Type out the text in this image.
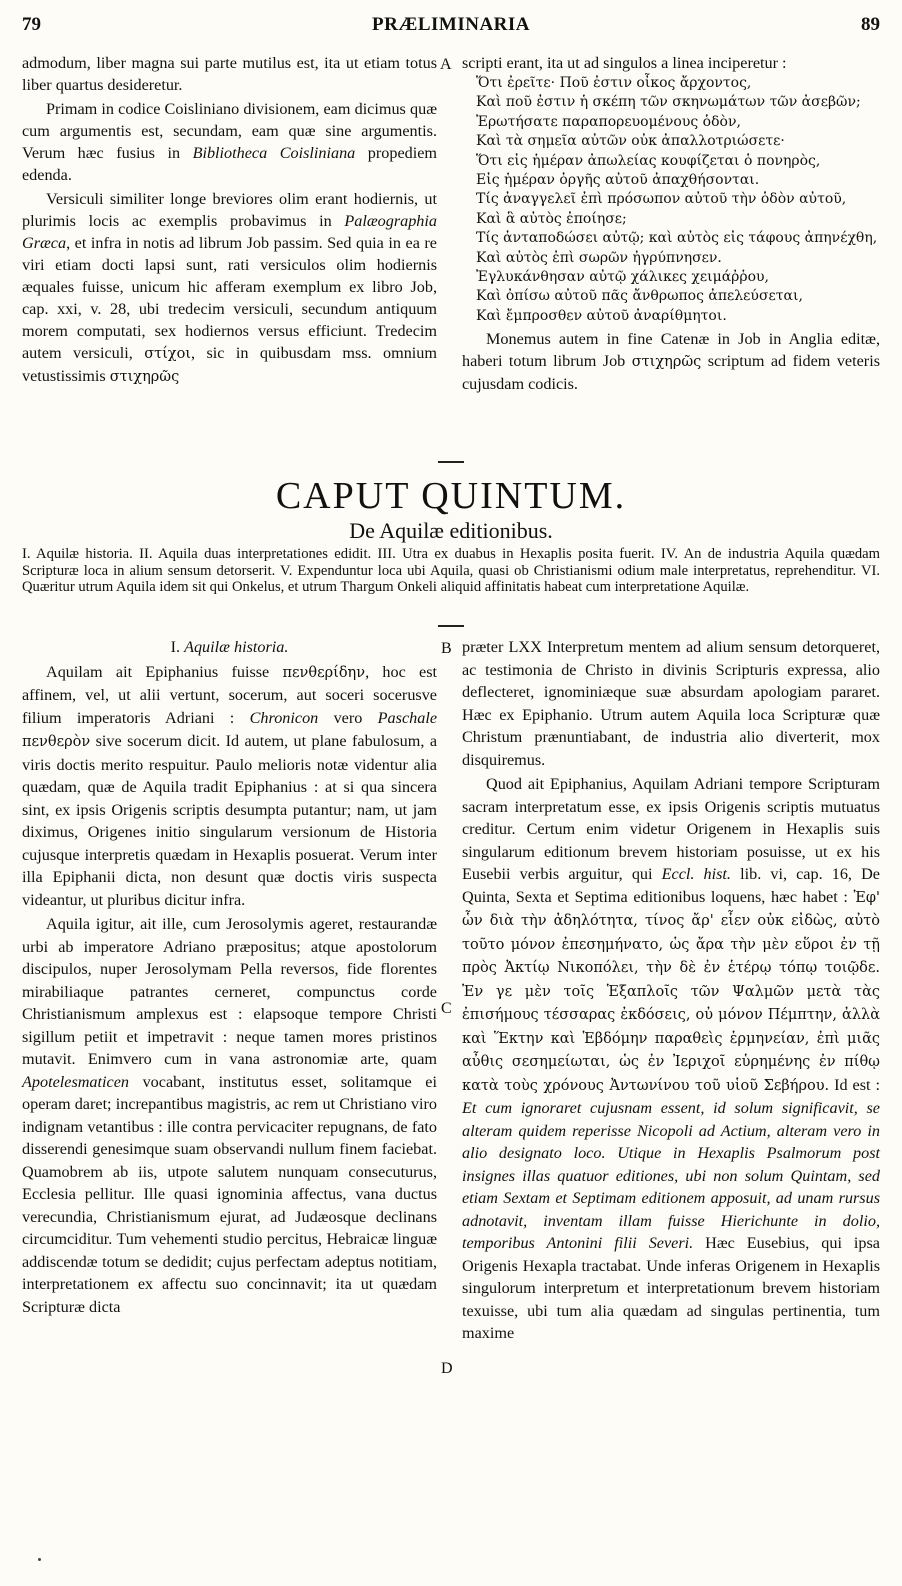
79	PRÆLIMINARIA	89

admodum, liber magna sui parte mutilus est, ita ut etiam totus liber quartus desideretur.

Primam in codice Coisliniano divisionem, eam dicimus quæ cum argumentis est, secundam, eam quæ sine argumentis. Verum hæc fusius in Bibliotheca Coisliniana propediem edenda.

Versiculi similiter longe breviores olim erant hodiernis, ut plurimis locis ac exemplis probavimus in Palæographia Græca, et infra in notis ad librum Job passim. Sed quia in ea re viri etiam docti lapsi sunt, rati versiculos olim hodiernis æquales fuisse, unicum hic afferam exemplum ex libro Job, cap. xxi, v. 28, ubi tredecim versiculi, secundum antiquum morem computati, sex hodiernos versus efficiunt. Tredecim autem versiculi, στίχοι, sic in quibusdam mss. omnium vetustissimis στιχηρῶς

A scripti erant, ita ut ad singulos a linea inciperetur :

Ὅτι ἐρεῖτε· Ποῦ ἐστιν οἶκος ἄρχοντος,
Καὶ ποῦ ἐστιν ἡ σκέπη τῶν σκηνωμάτων τῶν ἀσεβῶν;
Ἐρωτήσατε παραπορευομένους ὁδὸν,
Καὶ τὰ σημεῖα αὐτῶν οὐκ ἀπαλλοτριώσετε·
Ὅτι εἰς ἡμέραν ἀπωλείας κουφίζεται ὁ πονηρὸς,
Εἰς ἡμέραν ὀργῆς αὐτοῦ ἀπαχθήσονται.
Τίς ἀναγγελεῖ ἐπὶ πρόσωπον αὐτοῦ τὴν ὁδὸν αὐτοῦ,
Καὶ ἃ αὐτὸς ἐποίησε;
Τίς ἀνταποδώσει αὐτῷ; καὶ αὐτὸς εἰς τάφους ἀπηνέχθη,
Καὶ αὐτὸς ἐπὶ σωρῶν ἠγρύπνησεν.
Ἐγλυκάνθησαν αὐτῷ χάλικες χειμάῤῥου,
Καὶ ὀπίσω αὐτοῦ πᾶς ἄνθρωπος ἀπελεύσεται,
Καὶ ἔμπροσθεν αὐτοῦ ἀναρίθμητοι.

Monemus autem in fine Catenæ in Job in Anglia editæ, haberi totum librum Job στιχηρῶς scriptum ad fidem veteris cujusdam codicis.

CAPUT QUINTUM.
De Aquilæ editionibus.
I. Aquilæ historia. II. Aquila duas interpretationes edidit. III. Utra ex duabus in Hexaplis posita fuerit. IV. An de industria Aquila quædam Scripturæ loca in alium sensum detorserit. V. Expenduntur loca ubi Aquila, quasi ob Christianismi odium male interpretatus, reprehenditur. VI. Quæritur utrum Aquila idem sit qui Onkelus, et utrum Thargum Onkeli aliquid affinitatis habeat cum interpretatione Aquilæ.

I. Aquilæ historia.

Aquilam ait Epiphanius fuisse πενθερίδην, hoc est affinem, vel, ut alii vertunt, socerum, aut soceri socerusve filium imperatoris Adriani : Chronicon vero Paschale πενθερὸν sive socerum dicit. Id autem, ut plane fabulosum, a viris doctis merito respuitur. Paulo melioris notæ videntur alia quædam, quæ de Aquila tradit Epiphanius : at si qua sincera sint, ex ipsis Origenis scriptis desumpta putantur; nam, ut jam diximus, Origenes initio singularum versionum de Historia cujusque interpretis quædam in Hexaplis posuerat. Verum inter illa Epiphanii dicta, non desunt quæ doctis viris suspecta videantur, ut pluribus dicitur infra.

Aquila igitur, ait ille, cum Jerosolymis ageret, restaurandæ urbi ab imperatore Adriano præpositus; atque apostolorum discipulos, nuper Jerosolymam Pella reversos, fide florentes mirabiliaque patrantes cerneret, compunctus corde Christianismum amplexus est : elapsoque tempore Christi sigillum petiit et impetravit : neque tamen mores pristinos mutavit. Enimvero cum in vana astronomiæ arte, quam Apotelesmaticen vocabant, institutus esset, solitamque ei operam daret; increpantibus magistris, ac rem ut Christiano viro indignam vetantibus : ille contra pervicaciter repugnans, de fato disserendi genesimque suam observandi nullum finem faciebat. Quamobrem ab iis, utpote salutem nunquam consecuturus, Ecclesia pellitur. Ille quasi ignominia affectus, vana ductus verecundia, Christianismum ejurat, ad Judæosque declinans circumciditur. Tum vehementi studio percitus, Hebraicæ linguæ addiscendæ totum se dedidit; cujus perfectam adeptus notitiam, interpretationem ex affectu suo concinnavit; ita ut quædam Scripturæ dicta

B
C
D

præter LXX Interpretum mentem ad alium sensum detorqueret, ac testimonia de Christo in divinis Scripturis expressa, alio deflecteret, ignominiæque suæ absurdam apologiam pararet. Hæc ex Epiphanio. Utrum autem Aquila loca Scripturæ quæ Christum prænuntiabant, de industria alio diverterit, mox disquiremus.

Quod ait Epiphanius, Aquilam Adriani tempore Scripturam sacram interpretatum esse, ex ipsis Origenis scriptis mutuatus creditur. Certum enim videtur Origenem in Hexaplis suis singularum editionum brevem historiam posuisse, ut ex his Eusebii verbis arguitur, qui Eccl. hist. lib. vi, cap. 16, De Quinta, Sexta et Septima editionibus loquens, hæc habet : Ἐφ' ὧν διὰ τὴν ἀδηλότητα, τίνος ἄρ' εἶεν οὐκ εἰδὼς, αὐτὸ τοῦτο μόνον ἐπεσημήνατο, ὡς ἄρα τὴν μὲν εὕροι ἐν τῇ πρὸς Ἀκτίῳ Νικοπόλει, τὴν δὲ ἐν ἑτέρῳ τόπῳ τοιῷδε. Ἐν γε μὲν τοῖς Ἑξαπλοῖς τῶν Ψαλμῶν μετὰ τὰς ἐπισήμους τέσσαρας ἐκδόσεις, οὐ μόνον Πέμπτην, ἀλλὰ καὶ Ἕκτην καὶ Ἑβδόμην παραθεὶς ἑρμηνείαν, ἐπὶ μιᾶς αὖθις σεσημείωται, ὡς ἐν Ἰεριχοῖ εὑρημένης ἐν πίθῳ κατὰ τοὺς χρόνους Ἀντωνίνου τοῦ υἱοῦ Σεβήρου. Id est : Et cum ignoraret cujusnam essent, id solum significavit, se alteram quidem reperisse Nicopoli ad Actium, alteram vero in alio designato loco. Utique in Hexaplis Psalmorum post insignes illas quatuor editiones, ubi non solum Quintam, sed etiam Sextam et Septimam editionem apposuit, ad unam rursus adnotavit, inventam illam fuisse Hierichunte in dolio, temporibus Antonini filii Severi. Hæc Eusebius, qui ipsa Origenis Hexapla tractabat. Unde inferas Origenem in Hexaplis singulorum interpretum et interpretationum brevem historiam texuisse, ubi tum alia quædam ad singulas pertinentia, tum maxime
